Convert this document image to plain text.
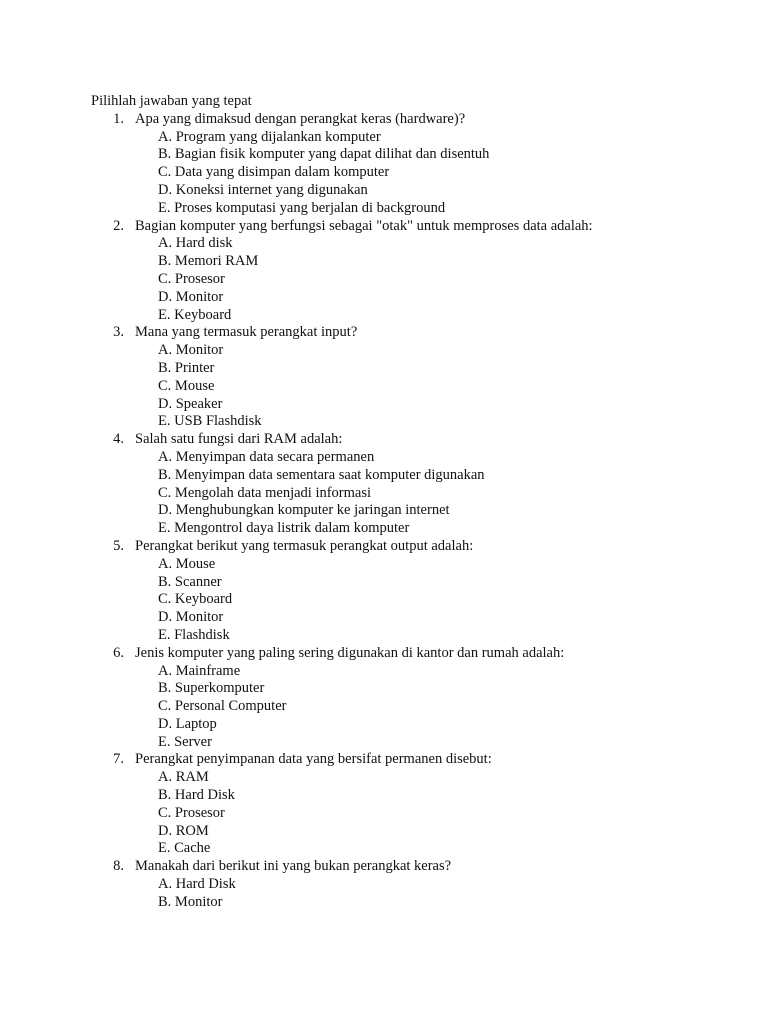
Pilihlah jawaban yang tepat
1. Apa yang dimaksud dengan perangkat keras (hardware)?
A. Program yang dijalankan komputer
B. Bagian fisik komputer yang dapat dilihat dan disentuh
C. Data yang disimpan dalam komputer
D. Koneksi internet yang digunakan
E. Proses komputasi yang berjalan di background
2. Bagian komputer yang berfungsi sebagai "otak" untuk memproses data adalah:
A. Hard disk
B. Memori RAM
C. Prosesor
D. Monitor
E. Keyboard
3. Mana yang termasuk perangkat input?
A. Monitor
B. Printer
C. Mouse
D. Speaker
E. USB Flashdisk
4. Salah satu fungsi dari RAM adalah:
A. Menyimpan data secara permanen
B. Menyimpan data sementara saat komputer digunakan
C. Mengolah data menjadi informasi
D. Menghubungkan komputer ke jaringan internet
E. Mengontrol daya listrik dalam komputer
5. Perangkat berikut yang termasuk perangkat output adalah:
A. Mouse
B. Scanner
C. Keyboard
D. Monitor
E. Flashdisk
6. Jenis komputer yang paling sering digunakan di kantor dan rumah adalah:
A. Mainframe
B. Superkomputer
C. Personal Computer
D. Laptop
E. Server
7. Perangkat penyimpanan data yang bersifat permanen disebut:
A. RAM
B. Hard Disk
C. Prosesor
D. ROM
E. Cache
8. Manakah dari berikut ini yang bukan perangkat keras?
A. Hard Disk
B. Monitor
